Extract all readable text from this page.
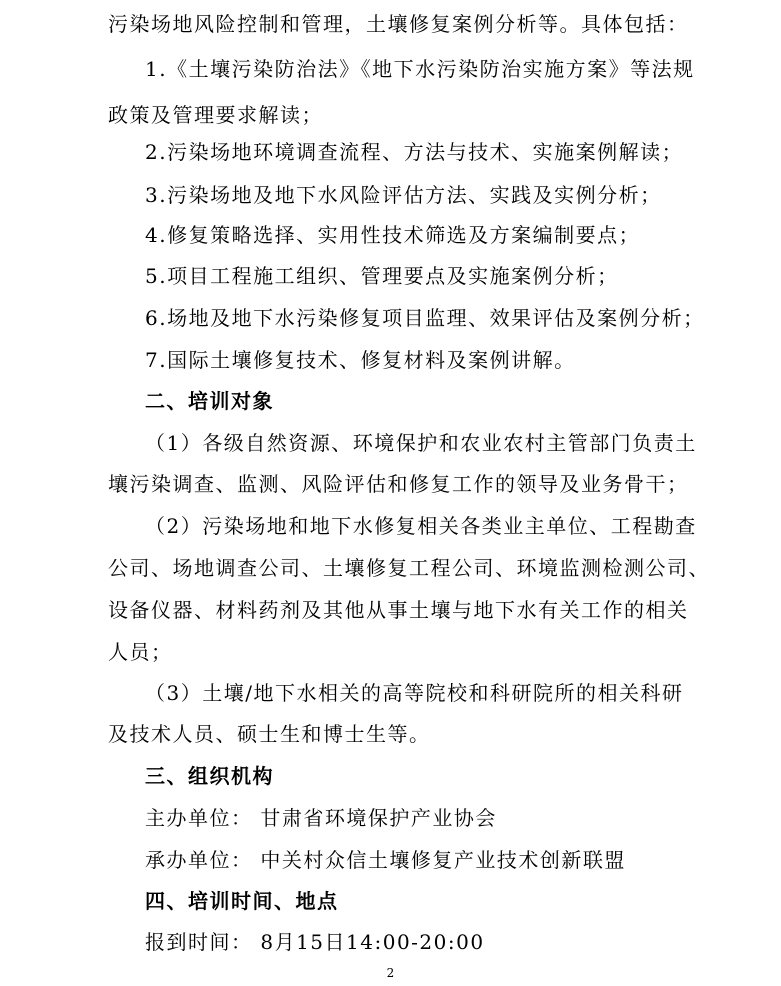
污染场地风险控制和管理，土壤修复案例分析等。具体包括：
1.《土壤污染防治法》《地下水污染防治实施方案》等法规
政策及管理要求解读；
2.污染场地环境调查流程、方法与技术、实施案例解读；
3.污染场地及地下水风险评估方法、实践及实例分析；
4.修复策略选择、实用性技术筛选及方案编制要点；
5.项目工程施工组织、管理要点及实施案例分析；
6.场地及地下水污染修复项目监理、效果评估及案例分析；
7.国际土壤修复技术、修复材料及案例讲解。
二、培训对象
（1）各级自然资源、环境保护和农业农村主管部门负责土
壤污染调查、监测、风险评估和修复工作的领导及业务骨干；
（2）污染场地和地下水修复相关各类业主单位、工程勘查
公司、场地调查公司、土壤修复工程公司、环境监测检测公司、
设备仪器、材料药剂及其他从事土壤与地下水有关工作的相关
人员；
（3）土壤/地下水相关的高等院校和科研院所的相关科研
及技术人员、硕士生和博士生等。
三、组织机构
主办单位： 甘肃省环境保护产业协会
承办单位： 中关村众信土壤修复产业技术创新联盟
四、培训时间、地点
报到时间： 8月15日14:00-20:00
2
